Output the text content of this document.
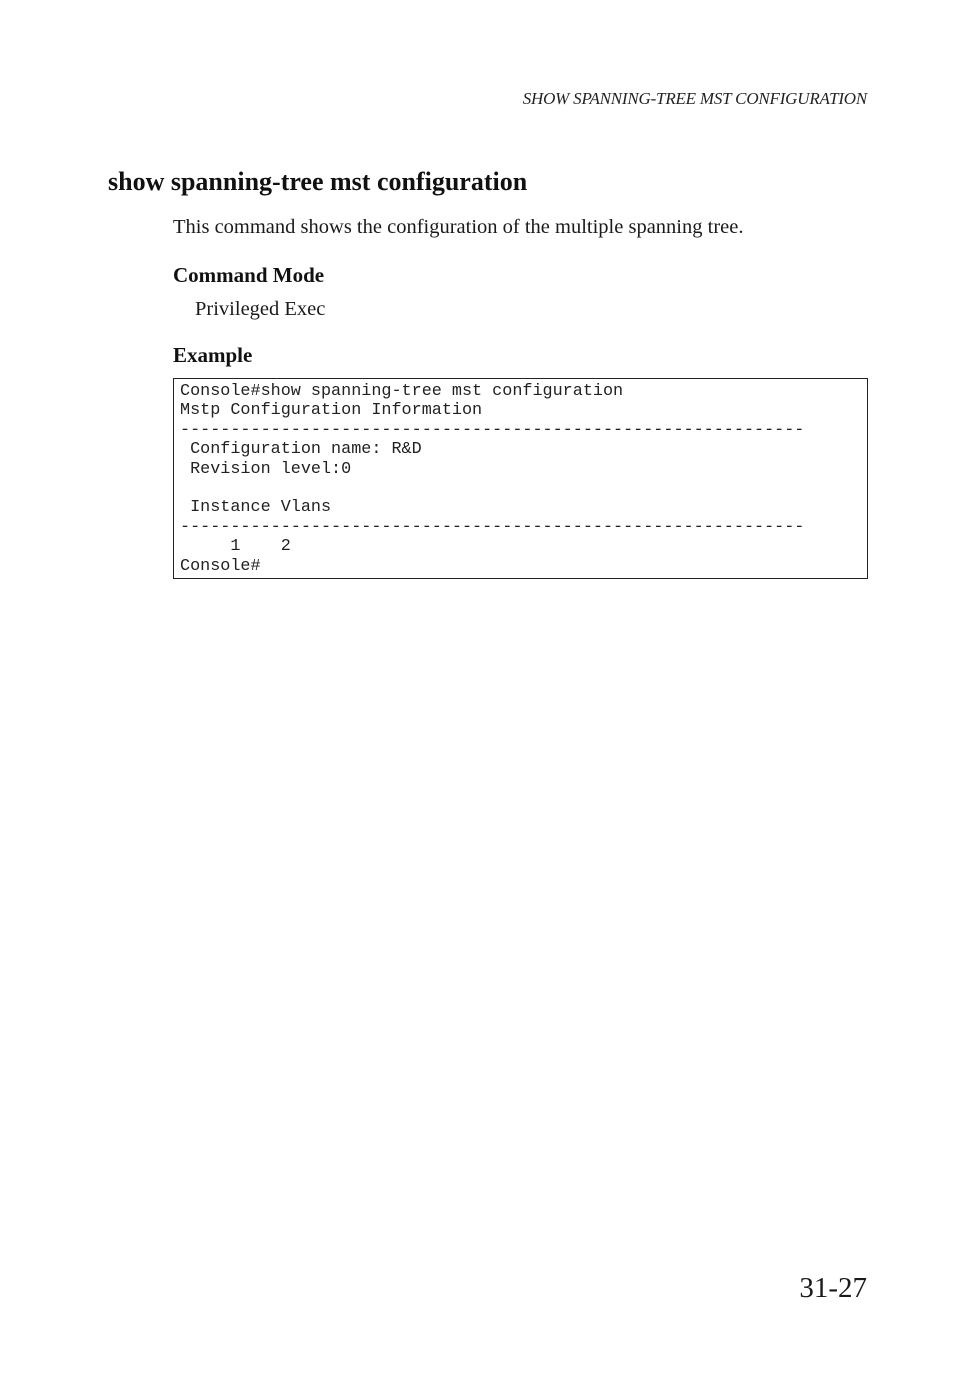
SHOW SPANNING-TREE MST CONFIGURATION
show spanning-tree mst configuration

This command shows the configuration of the multiple spanning tree.

Command Mode

Privileged Exec

Example
Console#show spanning-tree mst configuration
Mstp Configuration Information
--------------------------------------------------------------
Configuration name: R&D
Revision level:0
Instance Vlans
--------------------------------------------------------------
1    2
Console#
31-27
